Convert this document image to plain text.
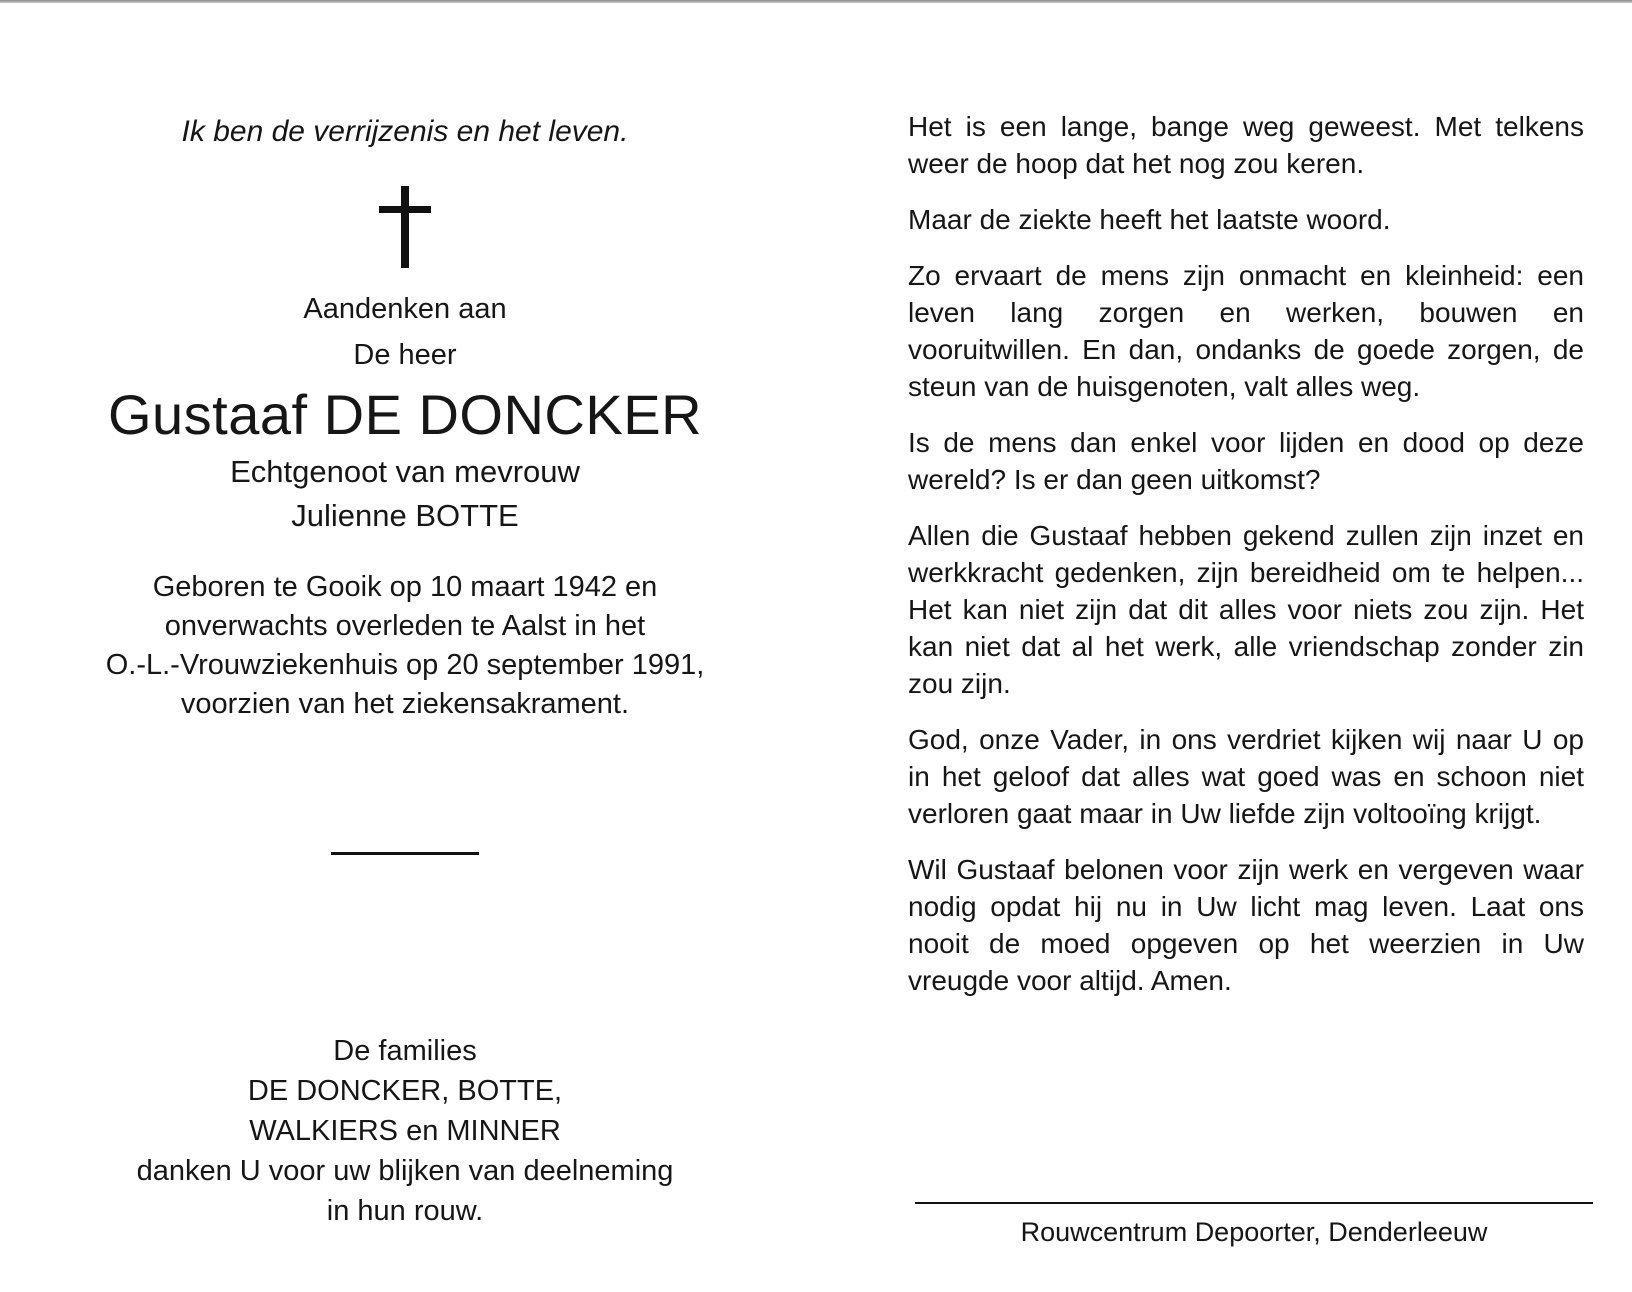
Ik ben de verrijzenis en het leven.

Aandenken aan

De heer

Gustaaf DE DONCKER

Echtgenoot van mevrouw

Julienne BOTTE

Geboren te Gooik op 10 maart 1942 en

onverwachts overleden te Aalst in het

O.-L.-Vrouwziekenhuis op 20 september 1991,

voorzien van het ziekensakrament.

De families

DE DONCKER, BOTTE,

WALKIERS en MINNER

danken U voor uw blijken van deelneming

in hun rouw.

Het is een lange, bange weg geweest. Met telkens weer de hoop dat het nog zou keren.

Maar de ziekte heeft het laatste woord.

Zo ervaart de mens zijn onmacht en kleinheid: een leven lang zorgen en werken, bouwen en vooruitwillen. En dan, ondanks de goede zorgen, de steun van de huisgenoten, valt alles weg.

Is de mens dan enkel voor lijden en dood op deze wereld? Is er dan geen uitkomst?

Allen die Gustaaf hebben gekend zullen zijn inzet en werkkracht gedenken, zijn bereidheid om te helpen... Het kan niet zijn dat dit alles voor niets zou zijn. Het kan niet dat al het werk, alle vriendschap zonder zin zou zijn.

God, onze Vader, in ons verdriet kijken wij naar U op in het geloof dat alles wat goed was en schoon niet verloren gaat maar in Uw liefde zijn voltooïng krijgt.

Wil Gustaaf belonen voor zijn werk en vergeven waar nodig opdat hij nu in Uw licht mag leven. Laat ons nooit de moed opgeven op het weerzien in Uw vreugde voor altijd. Amen.

Rouwcentrum Depoorter, Denderleeuw
